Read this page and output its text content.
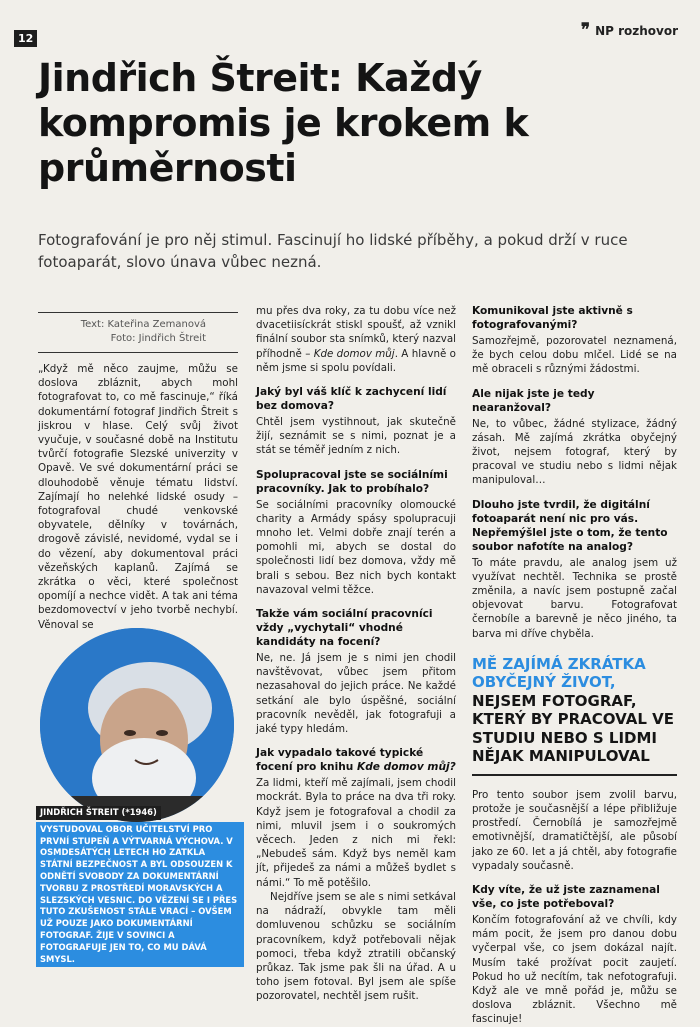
12	❞ NP rozhovor
Jindřich Štreit: Každý kompromis je krokem k průměrnosti

Fotografování je pro něj stimul. Fascinují ho lidské příběhy, a pokud drží v ruce fotoaparát, slovo únava vůbec nezná.

Text: Kateřina Zemanová
Foto: Jindřich Štreit

„Když mě něco zaujme, můžu se doslova zbláznit, abych mohl fotografovat to, co mě fascinuje,“ říká dokumentární fotograf Jindřich Štreit s jiskrou v hlase. Celý svůj život vyučuje, v současné době na Institutu tvůrčí fotografie Slezské univerzity v Opavě. Ve své dokumentární práci se dlouhodobě věnuje tématu lidství. Zajímají ho nelehké lidské osudy – fotografoval chudé venkovské obyvatele, dělníky v továrnách, drogově závislé, nevidomé, vydal se i do vězení, aby dokumentoval práci vězeňských kaplanů. Zajímá se zkrátka o věci, které společnost opomíjí a nechce vidět. A tak ani téma bezdomovectví v jeho tvorbě nechybí. Věnoval se

JINDŘICH ŠTREIT (*1946)
VYSTUDOVAL OBOR UČITELSTVÍ PRO PRVNÍ STUPEŇ A VÝTVARNÁ VÝCHOVA. V OSMDESÁTÝCH LETECH HO ZATKLA STÁTNÍ BEZPEČNOST A BYL ODSOUZEN K ODNĚTÍ SVOBODY ZA DOKUMENTÁRNÍ TVORBU Z PROSTŘEDÍ MORAVSKÝCH A SLEZSKÝCH VESNIC. DO VĚZENÍ SE I PŘES TUTO ZKUŠENOST STÁLE VRACÍ – OVŠEM UŽ POUZE JAKO DOKUMENTÁRNÍ FOTOGRAF. ŽIJE V SOVINCI A FOTOGRAFUJE JEN TO, CO MU DÁVÁ SMYSL.

mu přes dva roky, za tu dobu více než dvacetiisíckrát stiskl spoušť, až vznikl finální soubor sta snímků, který nazval příhodně – Kde domov můj. A hlavně o něm jsme si spolu povídali.

Jaký byl váš klíč k zachycení lidí bez domova?

Chtěl jsem vystihnout, jak skutečně žijí, seznámit se s nimi, poznat je a stát se téměř jedním z nich.

Spolupracoval jste se sociálními pracovníky. Jak to probíhalo?

Se sociálními pracovníky olomoucké charity a Armády spásy spolupracuji mnoho let. Velmi dobře znají terén a pomohli mi, abych se dostal do společnosti lidí bez domova, vždy mě brali s sebou. Bez nich bych kontakt navazoval velmi těžce.

Takže vám sociální pracovníci vždy „vychytali“ vhodné kandidáty na focení?

Ne, ne. Já jsem je s nimi jen chodil navštěvovat, vůbec jsem přitom nezasahoval do jejich práce. Ne každé setkání ale bylo úspěšné, sociální pracovník nevěděl, jak fotografuji a jaké typy hledám.

Jak vypadalo takové typické focení pro knihu Kde domov můj?

Za lidmi, kteří mě zajímali, jsem chodil mockrát. Byla to práce na dva tři roky. Když jsem je fotografoval a chodil za nimi, mluvil jsem i o soukromých věcech. Jeden z nich mi řekl: „Nebudeš sám. Když bys neměl kam jít, přijedeš za námi a můžeš bydlet s námi.“ To mě potěšilo.

Nejdříve jsem se ale s nimi setkával na nádraží, obvykle tam měli domluvenou schůzku se sociálním pracovníkem, když potřebovali nějak pomoci, třeba když ztratili občanský průkaz. Tak jsme pak šli na úřad. A u toho jsem fotoval. Byl jsem ale spíše pozorovatel, nechtěl jsem rušit.

Komunikoval jste aktivně s fotografovanými?

Samozřejmě, pozorovatel neznamená, že bych celou dobu mlčel. Lidé se na mě obraceli s různými žádostmi.

Ale nijak jste je tedy nearanžoval?

Ne, to vůbec, žádné stylizace, žádný zásah. Mě zajímá zkrátka obyčejný život, nejsem fotograf, který by pracoval ve studiu nebo s lidmi nějak manipuloval…

Dlouho jste tvrdil, že digitální fotoaparát není nic pro vás. Nepřemýšlel jste o tom, že tento soubor nafotíte na analog?

To máte pravdu, ale analog jsem už využívat nechtěl. Technika se prostě změnila, a navíc jsem postupně začal objevovat barvu. Fotografovat černobíle a barevně je něco jiného, ta barva mi dříve chyběla.

MĚ ZAJÍMÁ ZKRÁTKA OBYČEJNÝ ŽIVOT, NEJSEM FOTOGRAF, KTERÝ BY PRACOVAL VE STUDIU NEBO S LIDMI NĚJAK MANIPULOVAL

Pro tento soubor jsem zvolil barvu, protože je současnější a lépe přibližuje prostředí. Černobílá je samozřejmě emotivnější, dramatičtější, ale působí jako ze 60. let a já chtěl, aby fotografie vypadaly současně.

Kdy víte, že už jste zaznamenal vše, co jste potřeboval?

Končím fotografování až ve chvíli, kdy mám pocit, že jsem pro danou dobu vyčerpal vše, co jsem dokázal najít. Musím také prožívat pocit zaujetí. Pokud ho už necítím, tak nefotografuji. Když ale ve mně pořád je, můžu se doslova zbláznit. Všechno mě fascinuje!
